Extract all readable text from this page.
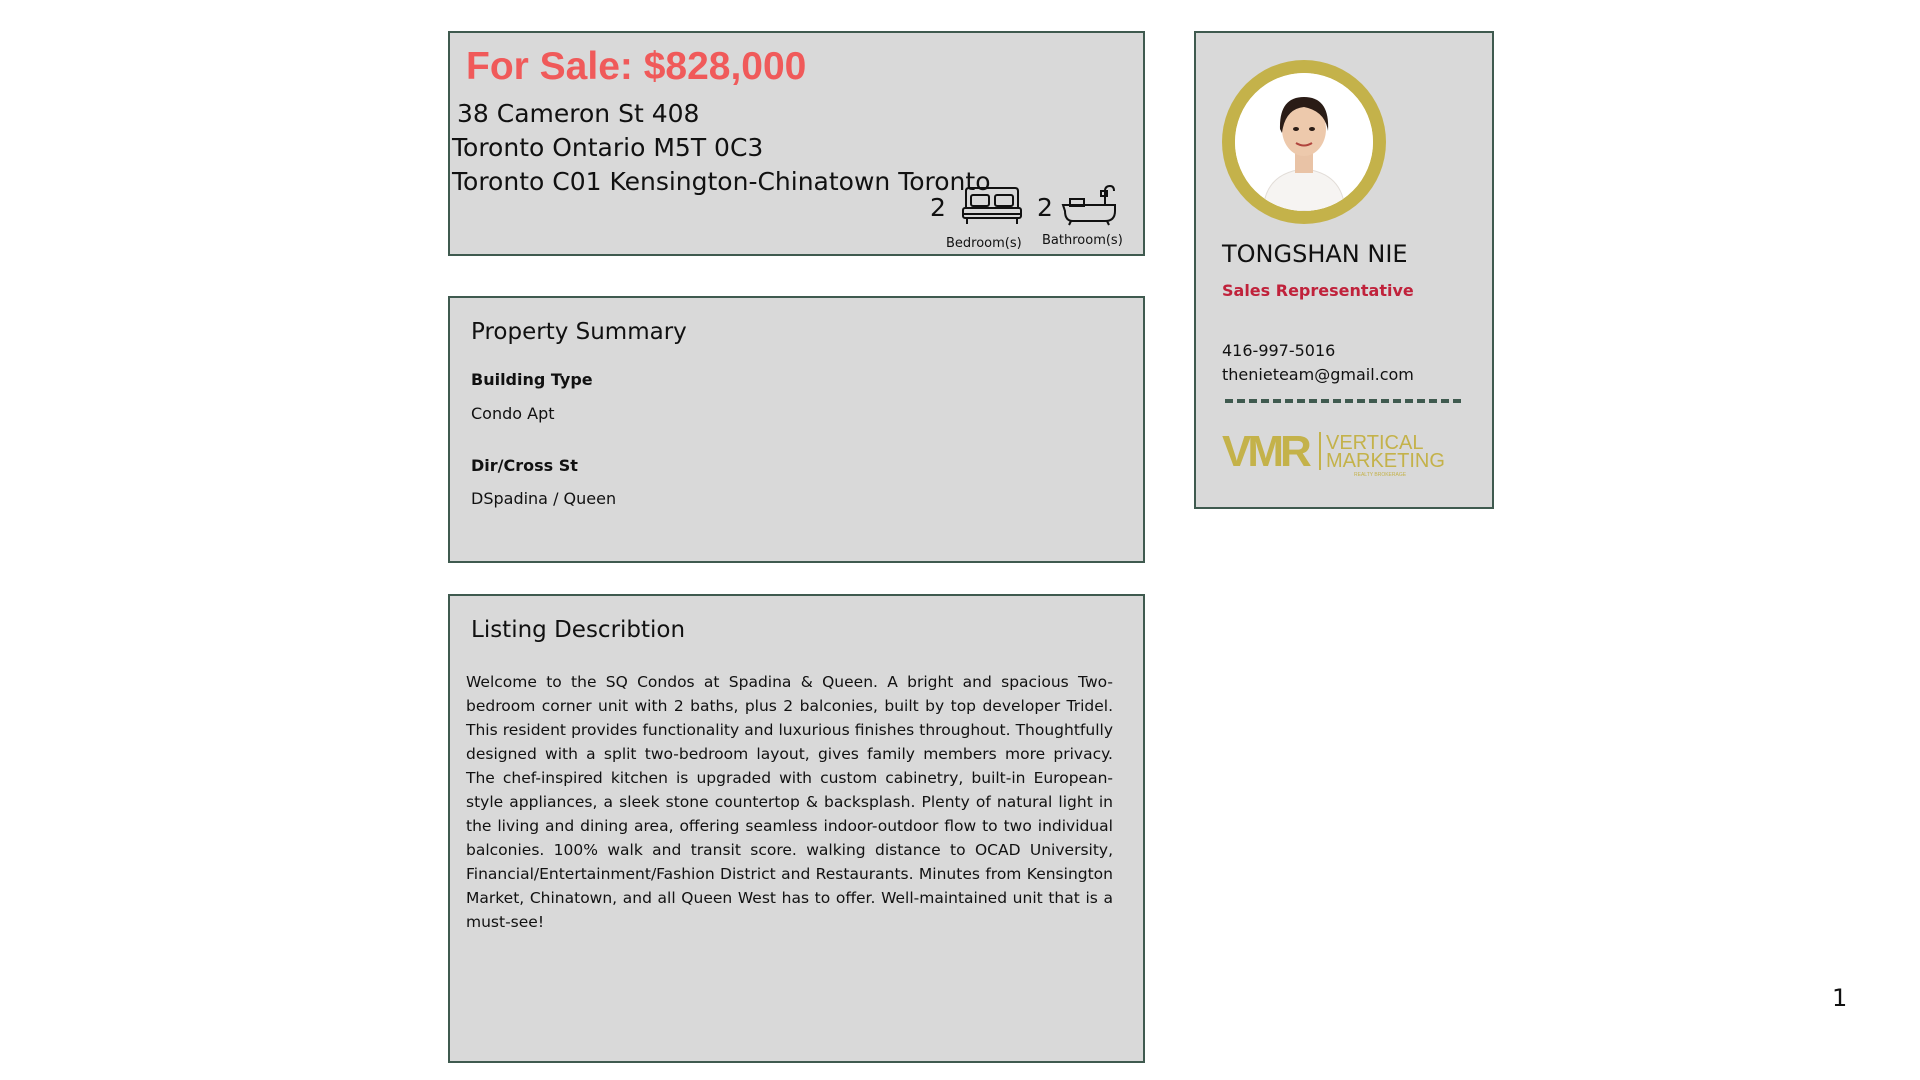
For Sale: $828,000
38 Cameron St 408
Toronto Ontario M5T 0C3
Toronto C01 Kensington-Chinatown Toronto
2
Bedroom(s)
2
Bathroom(s)
Property Summary
Building Type
Condo Apt
Dir/Cross St
DSpadina / Queen
Listing Describtion
Welcome to the SQ Condos at Spadina & Queen. A bright and spacious Two-bedroom corner unit with 2 baths, plus 2 balconies, built by top developer Tridel. This resident provides functionality and luxurious finishes throughout. Thoughtfully designed with a split two-bedroom layout, gives family members more privacy. The chef-inspired kitchen is upgraded with custom cabinetry, built-in European-style appliances, a sleek stone countertop & backsplash. Plenty of natural light in the living and dining area, offering seamless indoor-outdoor flow to two individual balconies. 100% walk and transit score. walking distance to OCAD University, Financial/Entertainment/Fashion District and Restaurants. Minutes from Kensington Market, Chinatown, and all Queen West has to offer. Well-maintained unit that is a must-see!
TONGSHAN NIE
Sales Representative
416-997-5016
thenieteam@gmail.com
VMR VERTICAL
MARKETING
REALTY BROKERAGE
1
